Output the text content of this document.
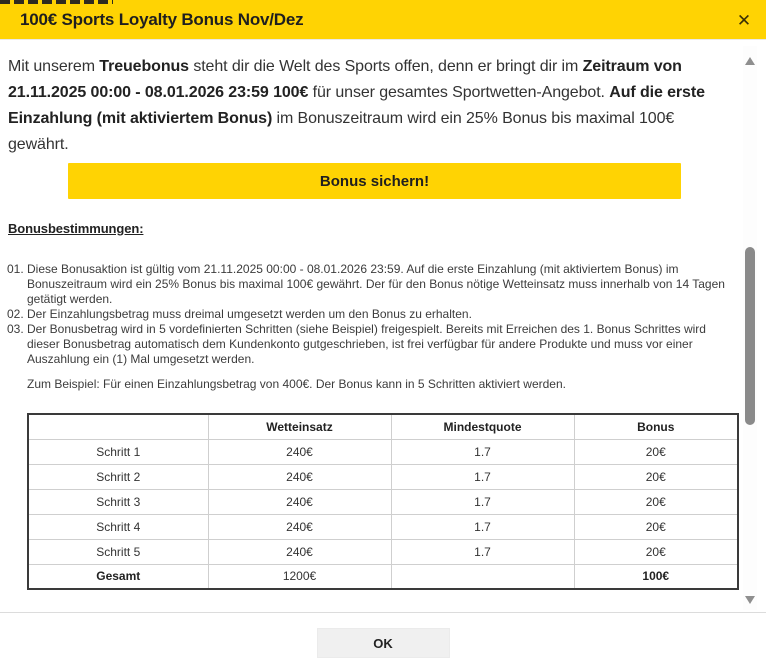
100€ Sports Loyalty Bonus Nov/Dez	✕

Mit unserem Treuebonus steht dir die Welt des Sports offen, denn er bringt dir im Zeitraum von 21.11.2025 00:00 - 08.01.2026 23:59 100€ für unser gesamtes Sportwetten-Angebot. Auf die erste Einzahlung (mit aktiviertem Bonus) im Bonuszeitraum wird ein 25% Bonus bis maximal 100€ gewährt.

Bonus sichern!
Bonusbestimmungen:
01. Diese Bonusaktion ist gültig vom 21.11.2025 00:00 - 08.01.2026 23:59. Auf die erste Einzahlung (mit aktiviertem Bonus) im Bonuszeitraum wird ein 25% Bonus bis maximal 100€ gewährt. Der für den Bonus nötige Wetteinsatz muss innerhalb von 14 Tagen getätigt werden.
02. Der Einzahlungsbetrag muss dreimal umgesetzt werden um den Bonus zu erhalten.
03. Der Bonusbetrag wird in 5 vordefinierten Schritten (siehe Beispiel) freigespielt. Bereits mit Erreichen des 1. Bonus Schrittes wird dieser Bonusbetrag automatisch dem Kundenkonto gutgeschrieben, ist frei verfügbar für andere Produkte und muss vor einer Auszahlung ein (1) Mal umgesetzt werden.

Zum Beispiel: Für einen Einzahlungsbetrag von 400€. Der Bonus kann in 5 Schritten aktiviert werden.

	Wetteinsatz	Mindestquote	Bonus
Schritt 1	240€	1.7	20€
Schritt 2	240€	1.7	20€
Schritt 3	240€	1.7	20€
Schritt 4	240€	1.7	20€
Schritt 5	240€	1.7	20€
Gesamt	1200€		100€
OK
